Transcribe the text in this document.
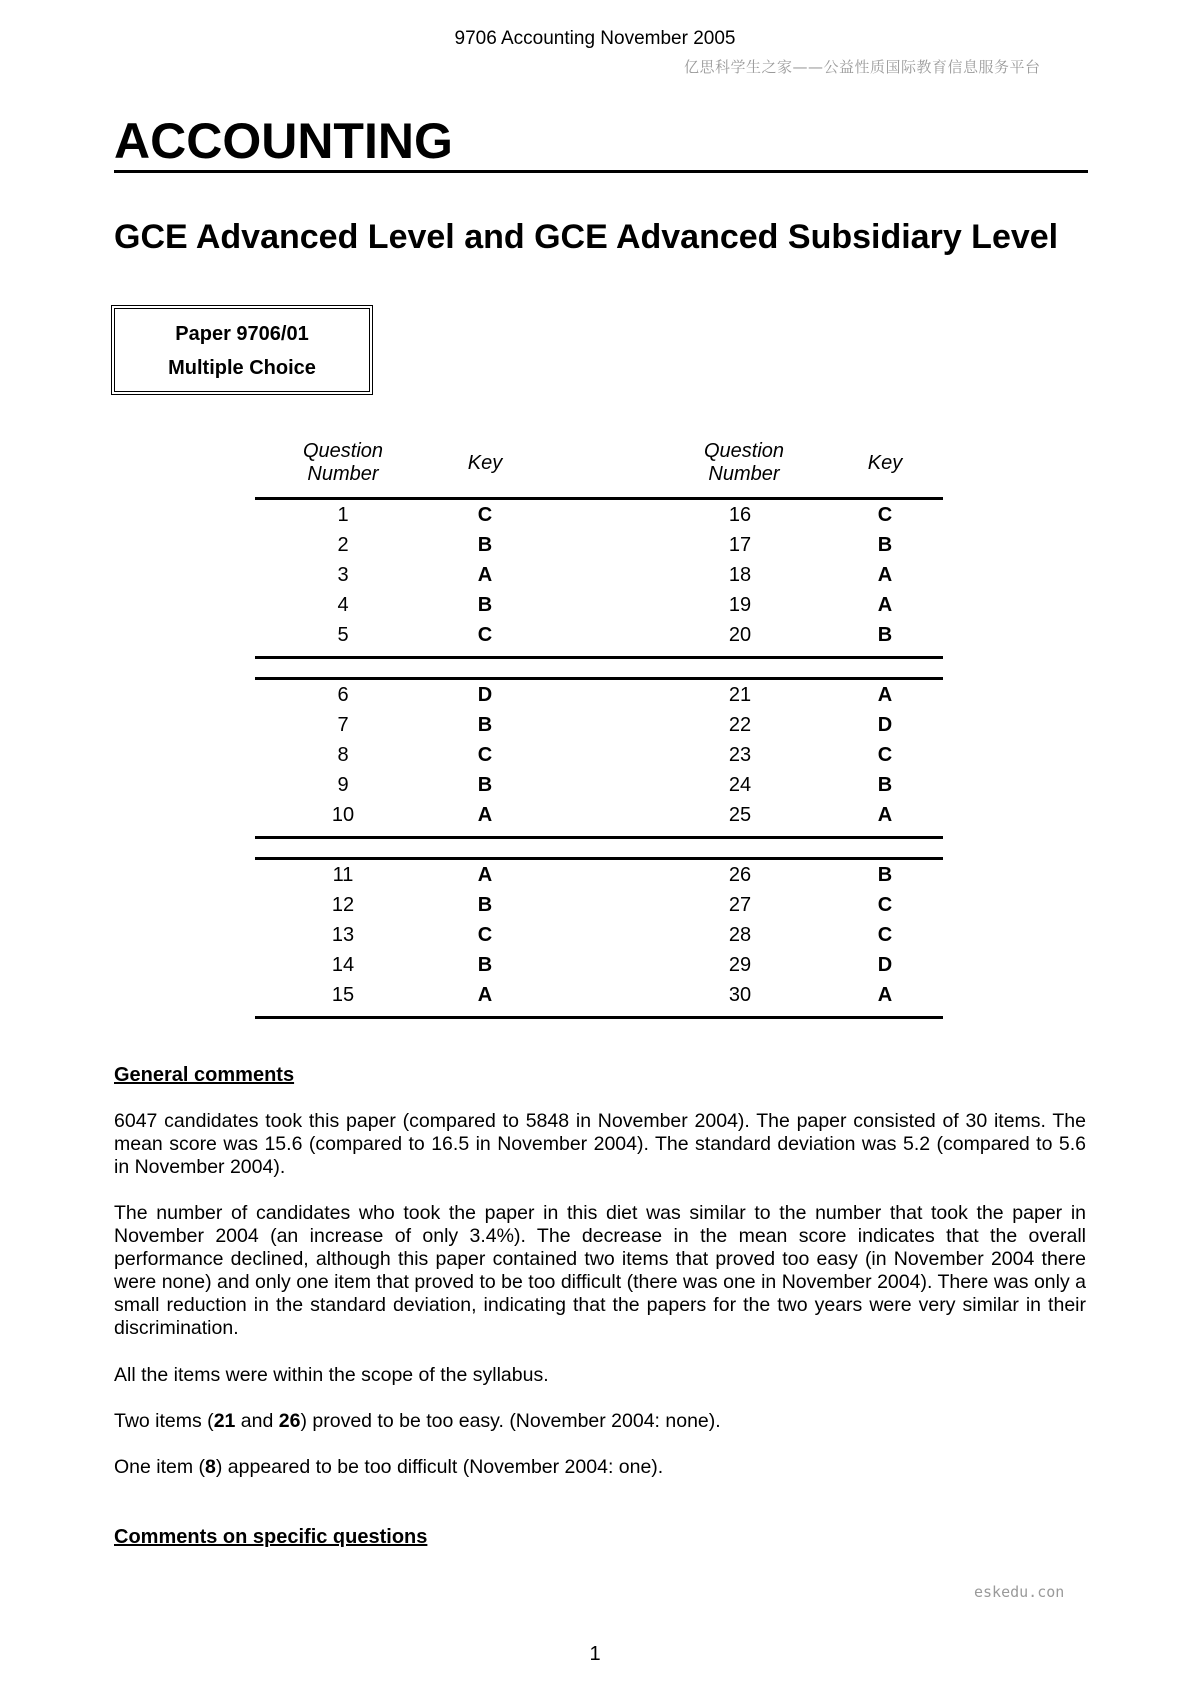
9706 Accounting November 2005
亿思科学生之家——公益性质国际教育信息服务平台
ACCOUNTING
GCE Advanced Level and GCE Advanced Subsidiary Level
Paper 9706/01
Multiple Choice
Question
Number	Key
Question
Number	Key
1	C	16	C
2	B	17	B
3	A	18	A
4	B	19	A
5	C	20	B
6	D	21	A
7	B	22	D
8	C	23	C
9	B	24	B
10	A	25	A
11	A	26	B
12	B	27	C
13	C	28	C
14	B	29	D
15	A	30	A
General comments
6047 candidates took this paper (compared to 5848 in November 2004). The paper consisted of 30 items. The mean score was 15.6 (compared to 16.5 in November 2004). The standard deviation was 5.2 (compared to 5.6 in November 2004).
The number of candidates who took the paper in this diet was similar to the number that took the paper in November 2004 (an increase of only 3.4%). The decrease in the mean score indicates that the overall performance declined, although this paper contained two items that proved too easy (in November 2004 there were none) and only one item that proved to be too difficult (there was one in November 2004). There was only a small reduction in the standard deviation, indicating that the papers for the two years were very similar in their discrimination.
All the items were within the scope of the syllabus.
Two items (21 and 26) proved to be too easy. (November 2004: none).
One item (8) appeared to be too difficult (November 2004: one).
Comments on specific questions
eskedu.con
1
